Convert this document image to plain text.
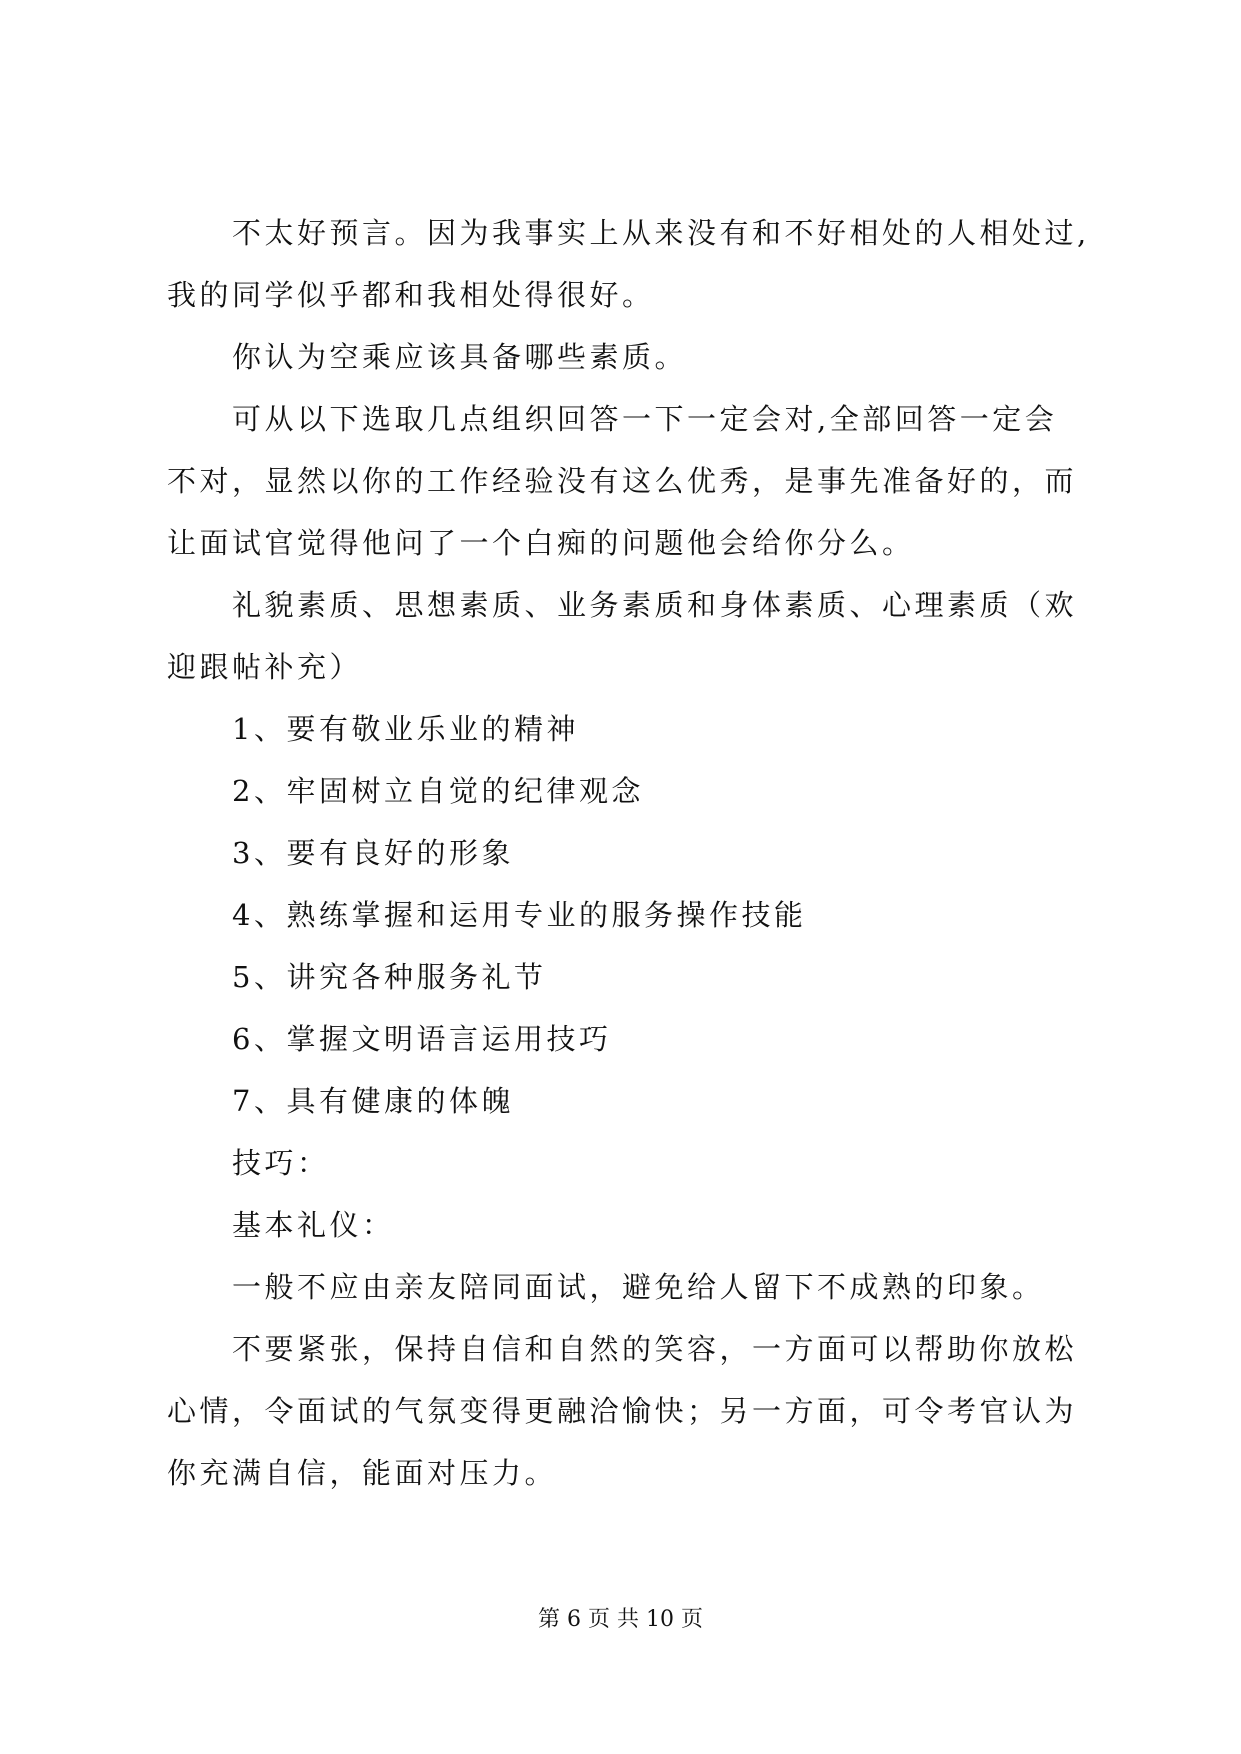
不太好预言。因为我事实上从来没有和不好相处的人相处过,
我的同学似乎都和我相处得很好。
你认为空乘应该具备哪些素质。
可从以下选取几点组织回答一下一定会对,全部回答一定会
不对，显然以你的工作经验没有这么优秀，是事先准备好的，而
让面试官觉得他问了一个白痴的问题他会给你分么。
礼貌素质、思想素质、业务素质和身体素质、心理素质（欢
迎跟帖补充）
1、要有敬业乐业的精神
2、牢固树立自觉的纪律观念
3、要有良好的形象
4、熟练掌握和运用专业的服务操作技能
5、讲究各种服务礼节
6、掌握文明语言运用技巧
7、具有健康的体魄
技巧：
基本礼仪：
一般不应由亲友陪同面试，避免给人留下不成熟的印象。
不要紧张，保持自信和自然的笑容，一方面可以帮助你放松
心情，令面试的气氛变得更融洽愉快；另一方面，可令考官认为
你充满自信，能面对压力。
第 6 页 共 10 页
